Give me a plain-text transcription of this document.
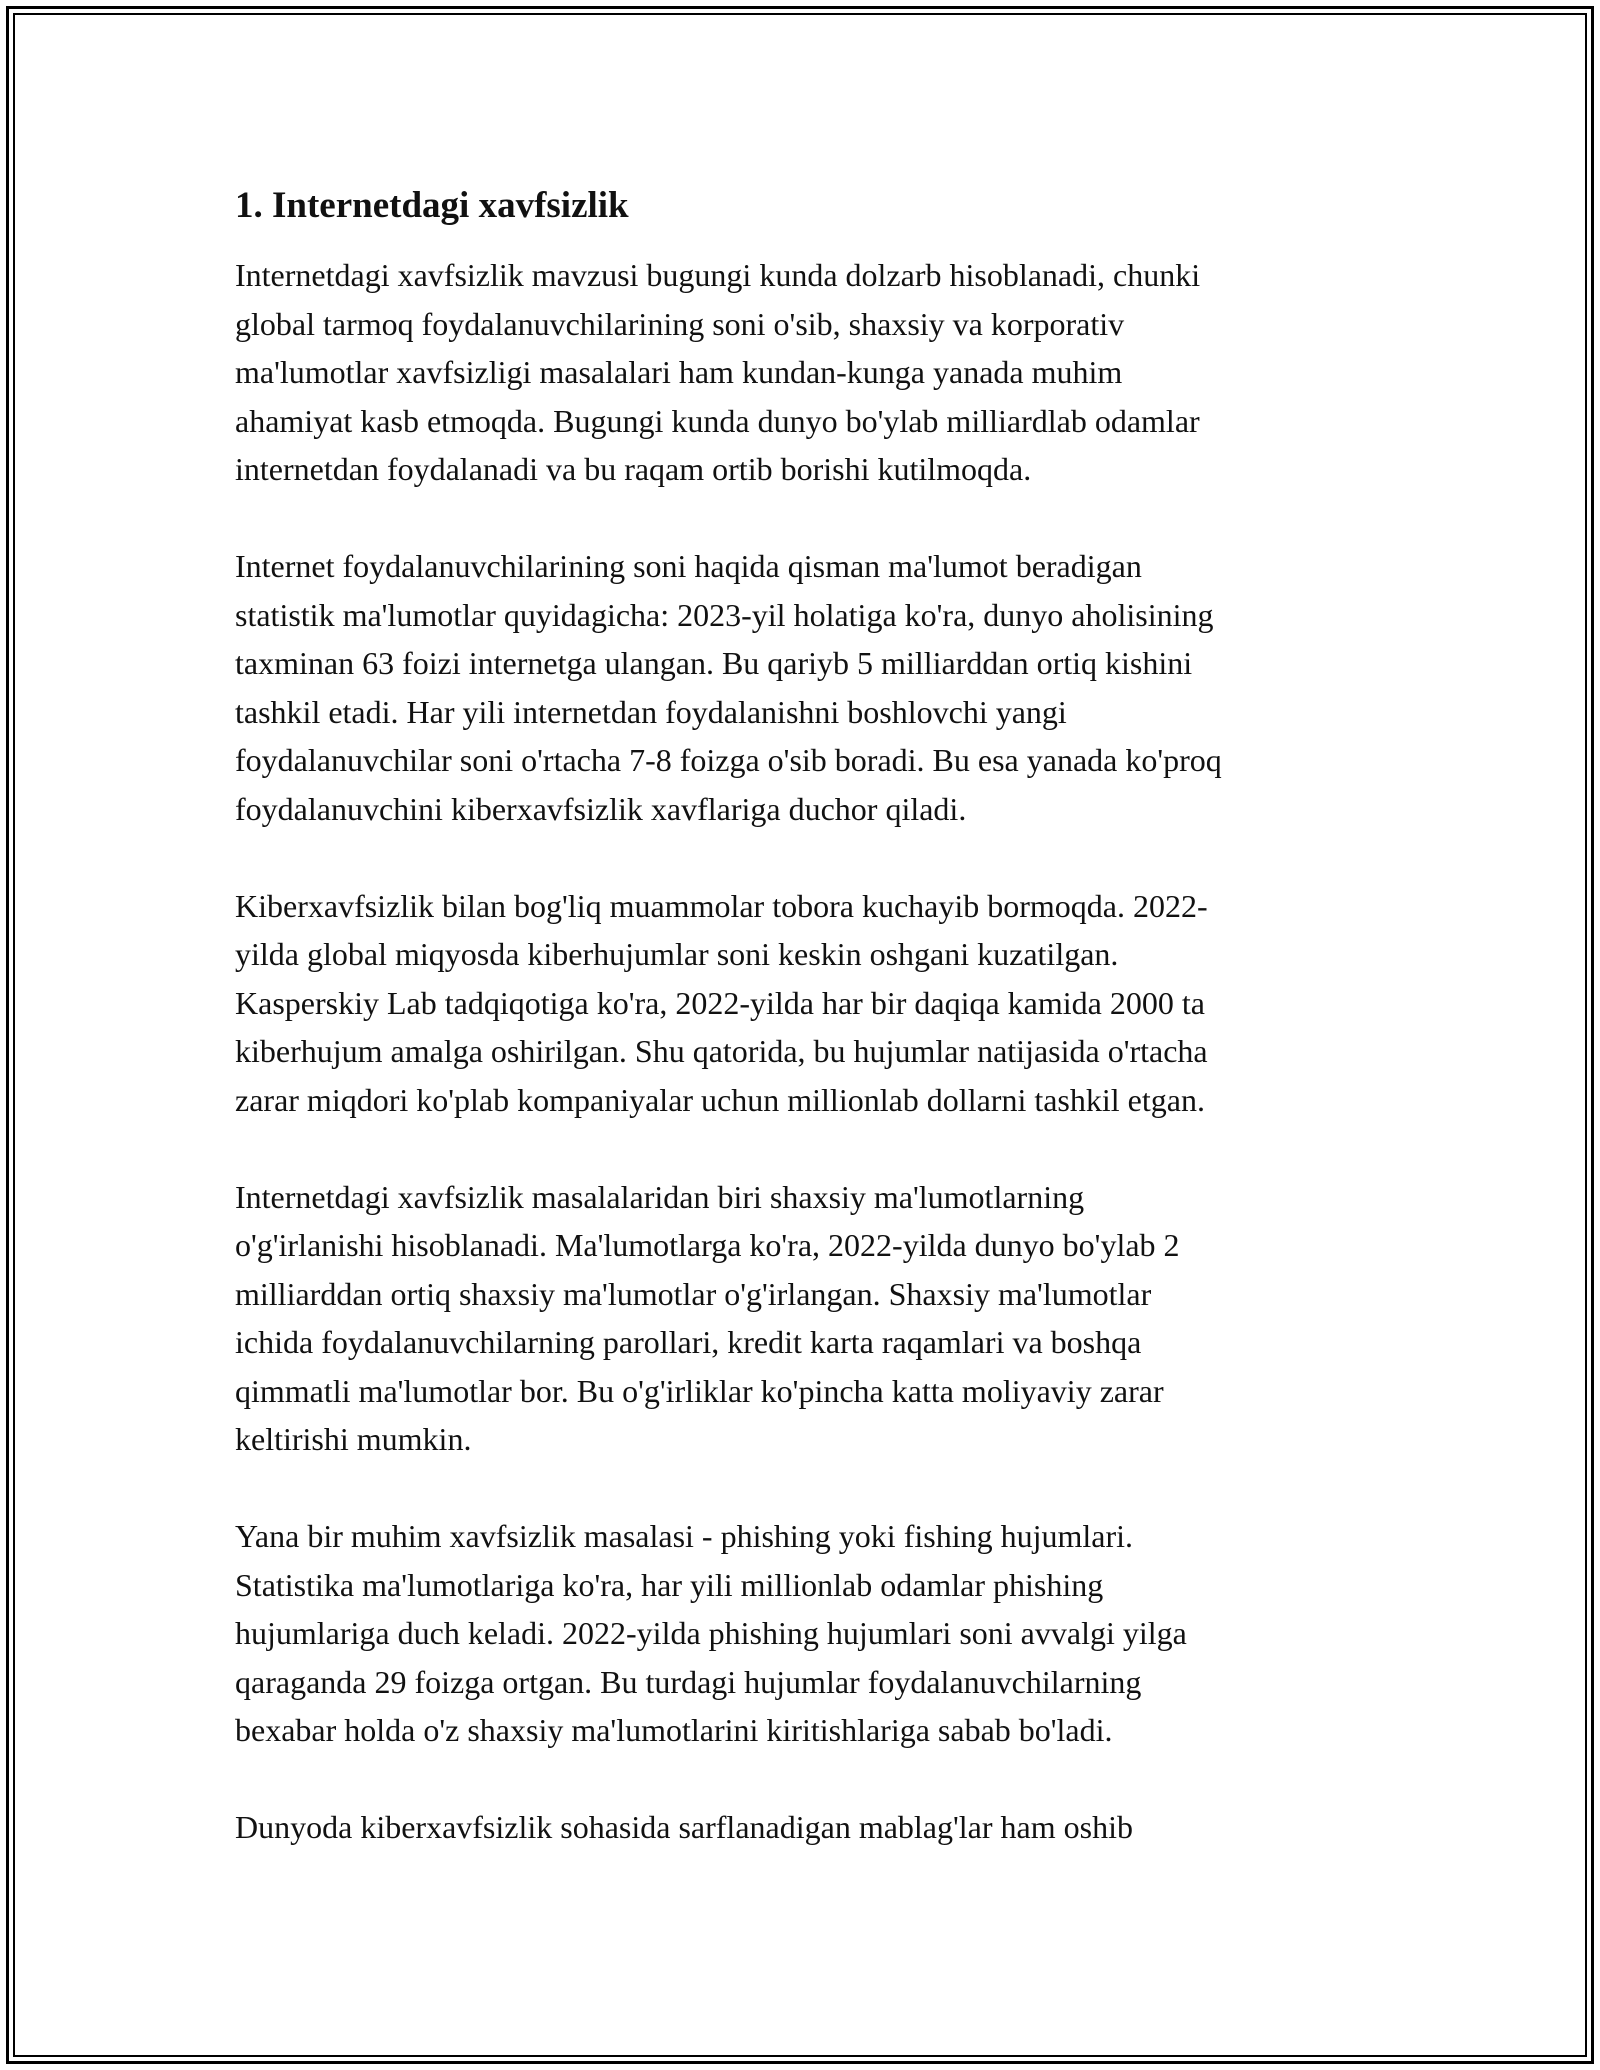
1. Internetdagi xavfsizlik

Internetdagi xavfsizlik mavzusi bugungi kunda dolzarb hisoblanadi, chunki
global tarmoq foydalanuvchilarining soni o'sib, shaxsiy va korporativ
ma'lumotlar xavfsizligi masalalari ham kundan-kunga yanada muhim
ahamiyat kasb etmoqda. Bugungi kunda dunyo bo'ylab milliardlab odamlar
internetdan foydalanadi va bu raqam ortib borishi kutilmoqda.

Internet foydalanuvchilarining soni haqida qisman ma'lumot beradigan
statistik ma'lumotlar quyidagicha: 2023-yil holatiga ko'ra, dunyo aholisining
taxminan 63 foizi internetga ulangan. Bu qariyb 5 milliarddan ortiq kishini
tashkil etadi. Har yili internetdan foydalanishni boshlovchi yangi
foydalanuvchilar soni o'rtacha 7-8 foizga o'sib boradi. Bu esa yanada ko'proq
foydalanuvchini kiberxavfsizlik xavflariga duchor qiladi.

Kiberxavfsizlik bilan bog'liq muammolar tobora kuchayib bormoqda. 2022-
yilda global miqyosda kiberhujumlar soni keskin oshgani kuzatilgan.
Kasperskiy Lab tadqiqotiga ko'ra, 2022-yilda har bir daqiqa kamida 2000 ta
kiberhujum amalga oshirilgan. Shu qatorida, bu hujumlar natijasida o'rtacha
zarar miqdori ko'plab kompaniyalar uchun millionlab dollarni tashkil etgan.

Internetdagi xavfsizlik masalalaridan biri shaxsiy ma'lumotlarning
o'g'irlanishi hisoblanadi. Ma'lumotlarga ko'ra, 2022-yilda dunyo bo'ylab 2
milliarddan ortiq shaxsiy ma'lumotlar o'g'irlangan. Shaxsiy ma'lumotlar
ichida foydalanuvchilarning parollari, kredit karta raqamlari va boshqa
qimmatli ma'lumotlar bor. Bu o'g'irliklar ko'pincha katta moliyaviy zarar
keltirishi mumkin.

Yana bir muhim xavfsizlik masalasi - phishing yoki fishing hujumlari.
Statistika ma'lumotlariga ko'ra, har yili millionlab odamlar phishing
hujumlariga duch keladi. 2022-yilda phishing hujumlari soni avvalgi yilga
qaraganda 29 foizga ortgan. Bu turdagi hujumlar foydalanuvchilarning
bexabar holda o'z shaxsiy ma'lumotlarini kiritishlariga sabab bo'ladi.

Dunyoda kiberxavfsizlik sohasida sarflanadigan mablag'lar ham oshib
